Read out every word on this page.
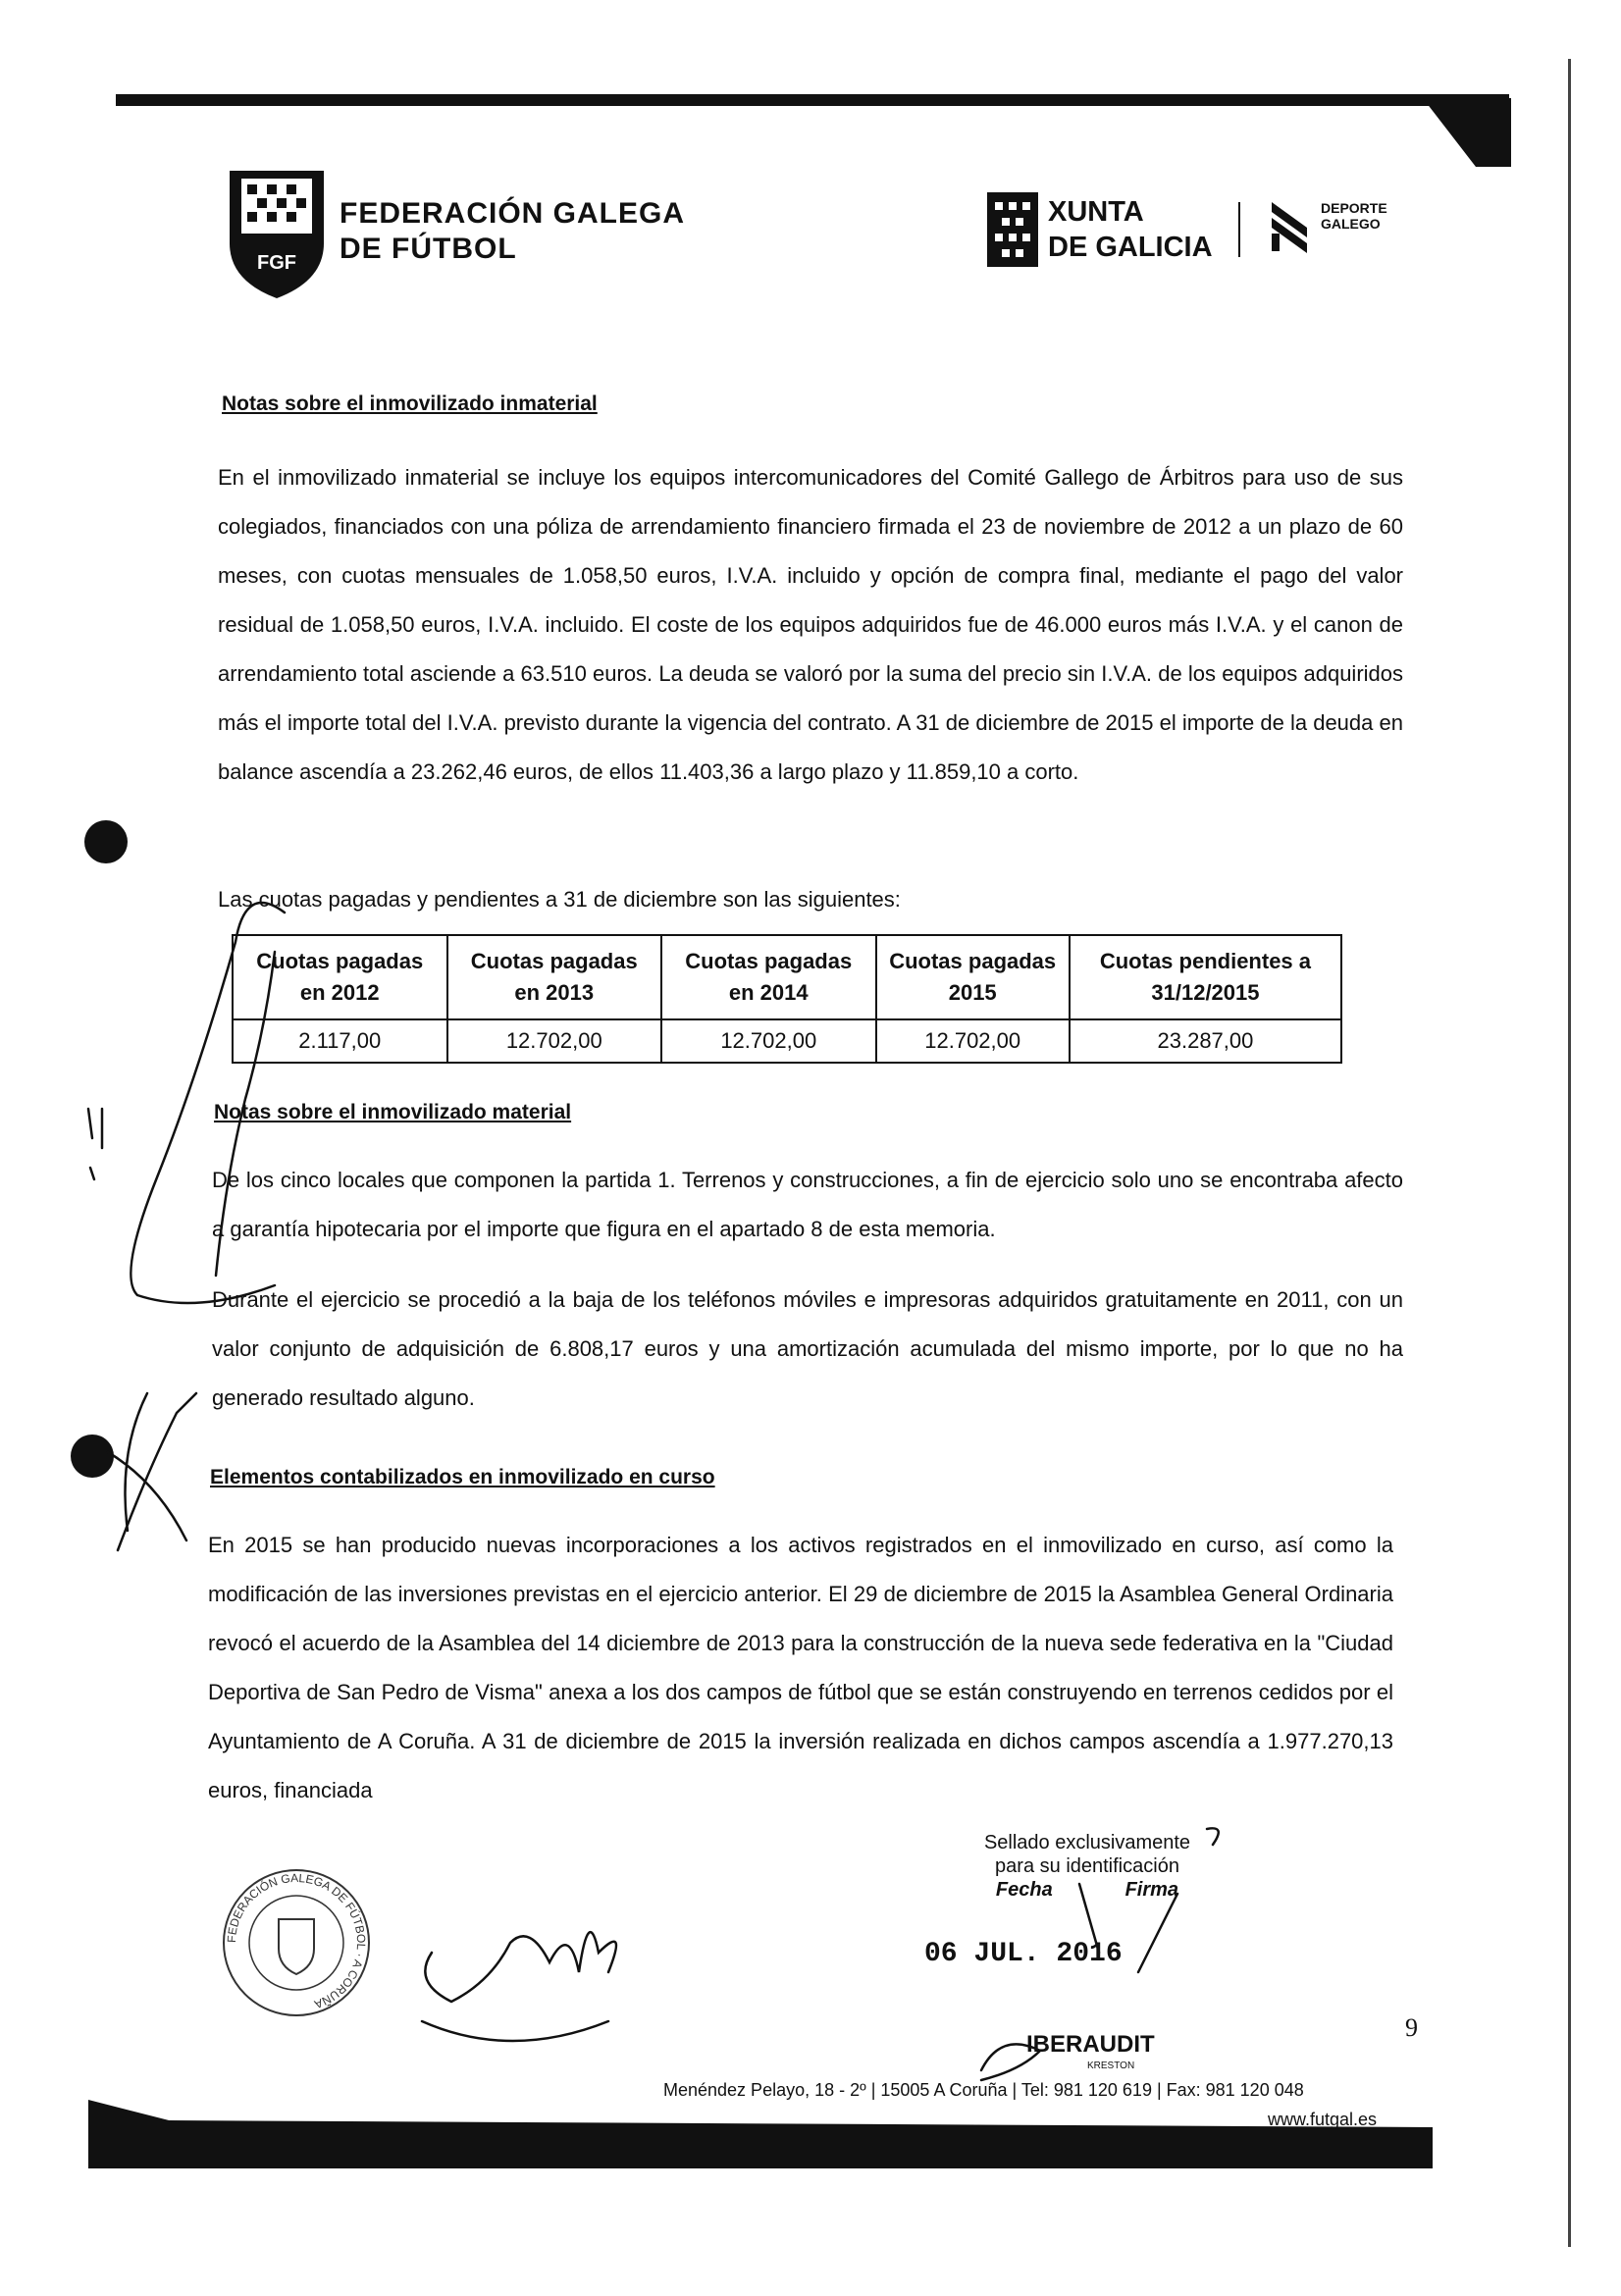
FGF
FEDERACIÓN GALEGA
DE FÚTBOL
XUNTA
DE GALICIA
DEPORTE
GALEGO
Notas sobre el inmovilizado inmaterial

En el inmovilizado inmaterial se incluye los equipos intercomunicadores del Comité Gallego de Árbitros para uso de sus colegiados, financiados con una póliza de arrendamiento financiero firmada el 23 de noviembre de 2012 a un plazo de 60 meses, con cuotas mensuales de 1.058,50 euros, I.V.A. incluido y opción de compra final, mediante el pago del valor residual de 1.058,50 euros, I.V.A. incluido. El coste de los equipos adquiridos fue de 46.000 euros más I.V.A. y el canon de arrendamiento total asciende a 63.510 euros. La deuda se valoró por la suma del precio sin I.V.A. de los equipos adquiridos más el importe total del I.V.A. previsto durante la vigencia del contrato. A 31 de diciembre de 2015 el importe de la deuda en balance ascendía a 23.262,46 euros, de ellos 11.403,36 a largo plazo y 11.859,10 a corto.

Las cuotas pagadas y pendientes a 31 de diciembre son las siguientes:

Cuotas pagadas en 2012	Cuotas pagadas en 2013	Cuotas pagadas en 2014	Cuotas pagadas 2015	Cuotas pendientes a 31/12/2015
2.117,00	12.702,00	12.702,00	12.702,00	23.287,00
Notas sobre el inmovilizado material

De los cinco locales que componen la partida 1. Terrenos y construcciones, a fin de ejercicio solo uno se encontraba afecto a garantía hipotecaria por el importe que figura en el apartado 8 de esta memoria.

Durante el ejercicio se procedió a la baja de los teléfonos móviles e impresoras adquiridos gratuitamente en 2011, con un valor conjunto de adquisición de 6.808,17 euros y una amortización acumulada del mismo importe, por lo que no ha generado resultado alguno.

Elementos contabilizados en inmovilizado en curso

En 2015 se han producido nuevas incorporaciones a los activos registrados en el inmovilizado en curso, así como la modificación de las inversiones previstas en el ejercicio anterior. El 29 de diciembre de 2015 la Asamblea General Ordinaria revocó el acuerdo de la Asamblea del 14 diciembre de 2013 para la construcción de la nueva sede federativa en la "Ciudad Deportiva de San Pedro de Visma" anexa a los dos campos de fútbol que se están construyendo en terrenos cedidos por el Ayuntamiento de A Coruña. A 31 de diciembre de 2015 la inversión realizada en dichos campos ascendía a 1.977.270,13 euros, financiada

Sellado exclusivamente
para su identificación
Fecha	Firma
06 JUL. 2016
IBERAUDIT
KRESTON
FEDERACIÓN GALEGA DE FÚTBOL · A CORUÑA
9
Menéndez Pelayo, 18 - 2º | 15005 A Coruña | Tel: 981 120 619 | Fax: 981 120 048
www.futgal.es
